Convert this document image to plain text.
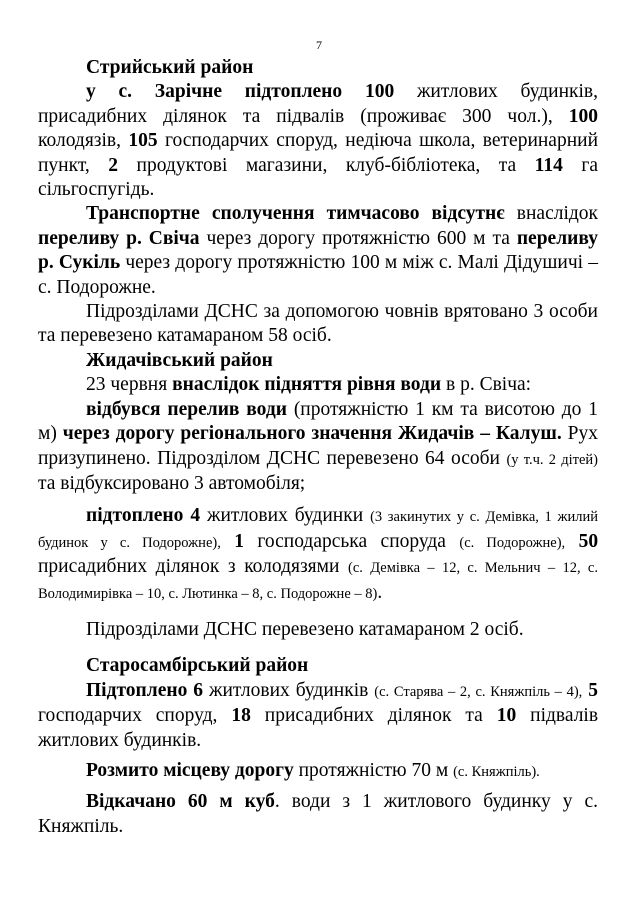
7

Стрийський район

у с. Зарічне підтоплено 100 житлових будинків, присадибних ділянок та підвалів (проживає 300 чол.), 100 колодязів, 105 господарчих споруд, недіюча школа, ветеринарний пункт, 2 продуктові магазини, клуб-бібліотека, та 114 га сільгоспугідь.

Транспортне сполучення тимчасово відсутнє внаслідок переливу р. Свіча через дорогу протяжністю 600 м та переливу р. Сукіль через дорогу протяжністю 100 м між с. Малі Дідушичі – с. Подорожне.

Підрозділами ДСНС за допомогою човнів врятовано 3 особи та перевезено катамараном 58 осіб.

Жидачівський район

23 червня внаслідок підняття рівня води в р. Свіча:

відбувся перелив води (протяжністю 1 км та висотою до 1 м) через дорогу регіонального значення Жидачів – Калуш. Рух призупинено. Підрозділом ДСНС перевезено 64 особи (у т.ч. 2 дітей) та відбуксировано 3 автомобіля;

підтоплено 4 житлових будинки (3 закинутих у с. Демівка, 1 жилий будинок у с. Подорожне), 1 господарська споруда (с. Подорожне), 50 присадибних ділянок з колодязями (с. Демівка – 12, с. Мельнич – 12, с. Володимирівка – 10, с. Лютинка – 8, с. Подорожне – 8).

Підрозділами ДСНС перевезено катамараном 2 осіб.

Старосамбірський район

Підтоплено 6 житлових будинків (с. Старява – 2, с. Княжпіль – 4), 5 господарчих споруд, 18 присадибних ділянок та 10 підвалів житлових будинків.

Розмито місцеву дорогу протяжністю 70 м (с. Княжпіль).

Відкачано 60 м куб. води з 1 житлового будинку у с. Княжпіль.
